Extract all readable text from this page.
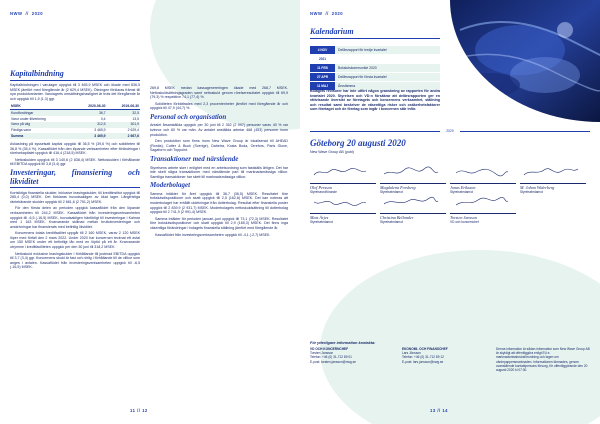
NWW // 2020
Kapitalbindning
Kapitalbindningen i varulager uppgick till 3 465,9 MSEK och ökade med 836,5 MSEK jämfört med föregående år (2 629,4 MSEK). Ökningen förklaras främst till nya produktvarianter. Varulagrets omsättningshastighet är trots det föregående år och uppgick till 1,9 (1,3) ggr.
MSEK	2020-06-30	2019-06-30
Kundfordringar	36,7	32,5
Varor under tillverkning	0,4	13,5
Varor på väg	312,5	301,9
Färdiga varor	3 465,9	2 629,4
Summa	3 465,9	2 667,6
Avkastning på sysselsatt kapital uppgick till 36,5 % (39,6 %) och soliditeten till 36,8 % (35,4 %). Kassaflödet från den löpande verksamheten efter förändringar i rörelsekapitalet uppgick till 416,4 (218,5) MSEK.
Nettoskulden uppgick till 3 140,6 (2 838,4) MSEK. Nettoskulden i förhållande till EBITDA uppgick till 3,8 (3,4) ggr.
Investeringar, finansiering och likviditet
Kortsiktiga finansiella skulder, inklusive leasingskulder, till kreditinstitut uppgick till 285,4 (0,0) MSEK. Det förklaras huvudsakligen av ökat lager. Långfristiga räntebärande skulder uppgick till 2 661,6 (2 751,2) MSEK.
För den första delen av perioden uppgick kassaflödet från den löpande verksamheten till 244,2 MSEK. Kassaflödet från investeringsverksamheten uppgick till -6,5 (-16,5) MSEK, huvudsakligen hänförligt till investeringar i Kalmar med 1 163 MSEK. Kvarvarande skillnad mellan bruttoinvesteringar och avskrivningar har finansierats med befintlig likviditet.
Koncernens totala kreditfacilitet uppgår till 2 160 MSEK, varav 2 120 MSEK löper med förfall den 2 mars 2022. Under 2020 har koncernen tecknat ett avtal om 150 MSEK under ett befintligt lån med en löptid på ett år. Kvarvarande utrymme i kreditfaciliteten uppgick per den 30 juni till 318,2 MSEK.
Nettoskuld exklusive leasingskulder i förhållande till justerad EBITDA uppgick till 3,7 (3,4) ggr. Koncernens skuld är fast och rörlig i förhållande till de villkor som anges i avtalen. Kassaflödet från investeringsverksamheten uppgick till -6,5 (-16,5) MSEK.
269,8 MSEK medan kassagenereringen ökade med 268,7 MSEK. Nettoskuldsättningsgraden samt nettoskuld genom rörelseresultatet uppgick till 69,9 (79,3) % respektive 74,1 (77,4) %.
Soliditeten förbättrades med 2,3 procentenheter jämfört med föregående år och uppgick till 47,9 (44,7) %.
Personal och organisation
Antalet årsanställda uppgick per 30 juni till 2 352 (2 097) personer varav 40 % var kvinnor och 60 % var män. Av antalet anställda arbetar 468 (453) personer inom produktion.
Den produktion som finns inom New Wave Group är lokaliserad till AHEAD (Ronäs), Cutter & Buck (Sverige), Dahetra, Kosta Boda, Orrefors, Paris Glove, Sagaform och Toppoint.
Transaktioner med närstående
Styrelsens arbete sker i enlighet med en arbetsordning som fastställs årligen. Det har inte skett några transaktioner med närstående part till marknadsmässiga villkor. Samtliga transaktioner har skett till marknadsmässiga villkor.
Moderbolaget
Samma intäkter för året uppgick till 36,7 (36,5) MSEK. Resultatet före bokslutsdispositioner och skatt uppgick till 2,5 (162,8) MSEK. Det kan noteras att moderbolaget har erhållit utdelningar från dotterbolag. Resultat efter finansiella poster uppgick till 2 839,9 (2 931,7) MSEK. Moderbolagets nettoskuldsättning till dotterbolag uppgick till 2 741,9 (2 991,4) MSEK.
Samma intäkter för perioden januari–juni uppgick till 73,1 (72,3) MSEK. Resultatet före bokslutsdispositioner och skatt uppgick till 2,9 (165,3) MSEK. Det finns inga väsentliga förändringar i bolagets finansiella ställning jämfört med föregående år.
Kassaflödet från investeringsverksamheten uppgick till -4,1 (-2,7) MSEK.
11 // 12
NWW // 2020
Kalendarium
4 NOV	Delårsrapport för tredje kvartalet
2021
11 FEB	Bokslutskommuniké 2020
27 APR	Delårsrapport för första kvartalet
11 MAJ	Årsstämma
Bolagets revisorer har inte utfört någon granskning av rapporten för andra kvartalet 2020. Styrelsen och VD:n försäkrar att delårsrapporten ger en rättvisande översikt av företagets och koncernens verksamhet, ställning och resultat samt beskriver de väsentliga risker och osäkerhetsfaktorer som företaget och de företag som ingår i koncernen står inför.
2020
Göteborg 20 augusti 2020
New Wave Group AB (publ)
Olof Persson
Styrelseordförande
Magdalena Forsberg
Styrelseledamot
Jonas Eriksson
Styrelseledamot
M. Johan Widerberg
Styrelseledamot
Mats Årjes
Styrelseledamot
Christina Bellander
Styrelseledamot
Torsten Jansson
VD och koncernchef
För ytterligare information kontakta:
VD OCH KONCERNCHEF
Torsten Jansson
Telefon: +46 (0) 31-712 89 01
E-post: torsten.jansson@nwg.se
EKONOMI- OCH FINANSCHEF
Lars Jönsson
Telefon: +46 (0) 31-712 89 12
E-post: lars.jonsson@nwg.se
Denna information är sådan information som New Wave Group AB är skyldigt att offentliggöra enligt EU:s marknadsmissbruksförordning och lagen om värdepappersmarknaden. Informationen lämnades, genom ovanstående kontaktpersons försorg, för offentliggörande den 20 augusti 2020 kl 07:30.
13 // 14
